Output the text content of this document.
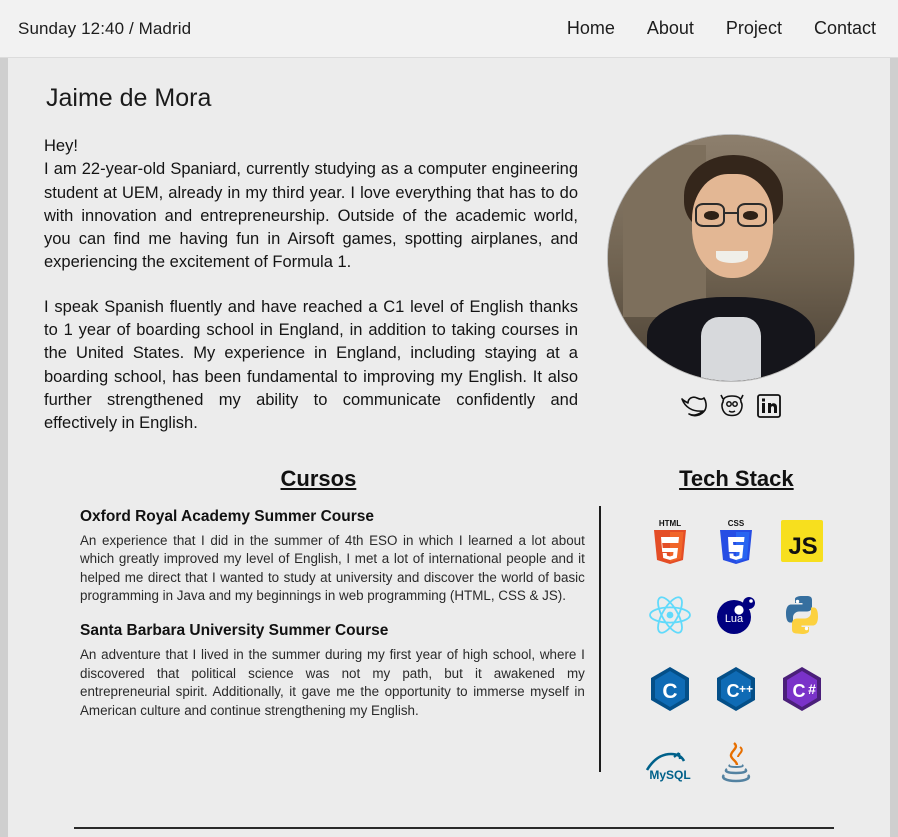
Sunday 12:40 / Madrid	Home About Project Contact
Jaime de Mora

Hey!

I am 22-year-old Spaniard, currently studying as a computer engineering student at UEM, already in my third year. I love everything that has to do with innovation and entrepreneurship. Outside of the academic world, you can find me having fun in Airsoft games, spotting airplanes, and experiencing the excitement of Formula 1.

I speak Spanish fluently and have reached a C1 level of English thanks to 1 year of boarding school in England, in addition to taking courses in the United States. My experience in England, including staying at a boarding school, has been fundamental to improving my English. It also further strengthened my ability to communicate confidently and effectively in English.

Cursos
Oxford Royal Academy Summer Course

An experience that I did in the summer of 4th ESO in which I learned a lot about which greatly improved my level of English, I met a lot of international people and it helped me direct that I wanted to study at university and discover the world of basic programming in Java and my beginnings in web programming (HTML, CSS & JS).

Santa Barbara University Summer Course

An adventure that I lived in the summer during my first year of high school, where I discovered that political science was not my path, but it awakened my entrepreneurial spirit. Additionally, it gave me the opportunity to immerse myself in American culture and continue strengthening my English.

Tech Stack
HTML	CSS
JS
Lua
C	C ++ C #
MySQL
